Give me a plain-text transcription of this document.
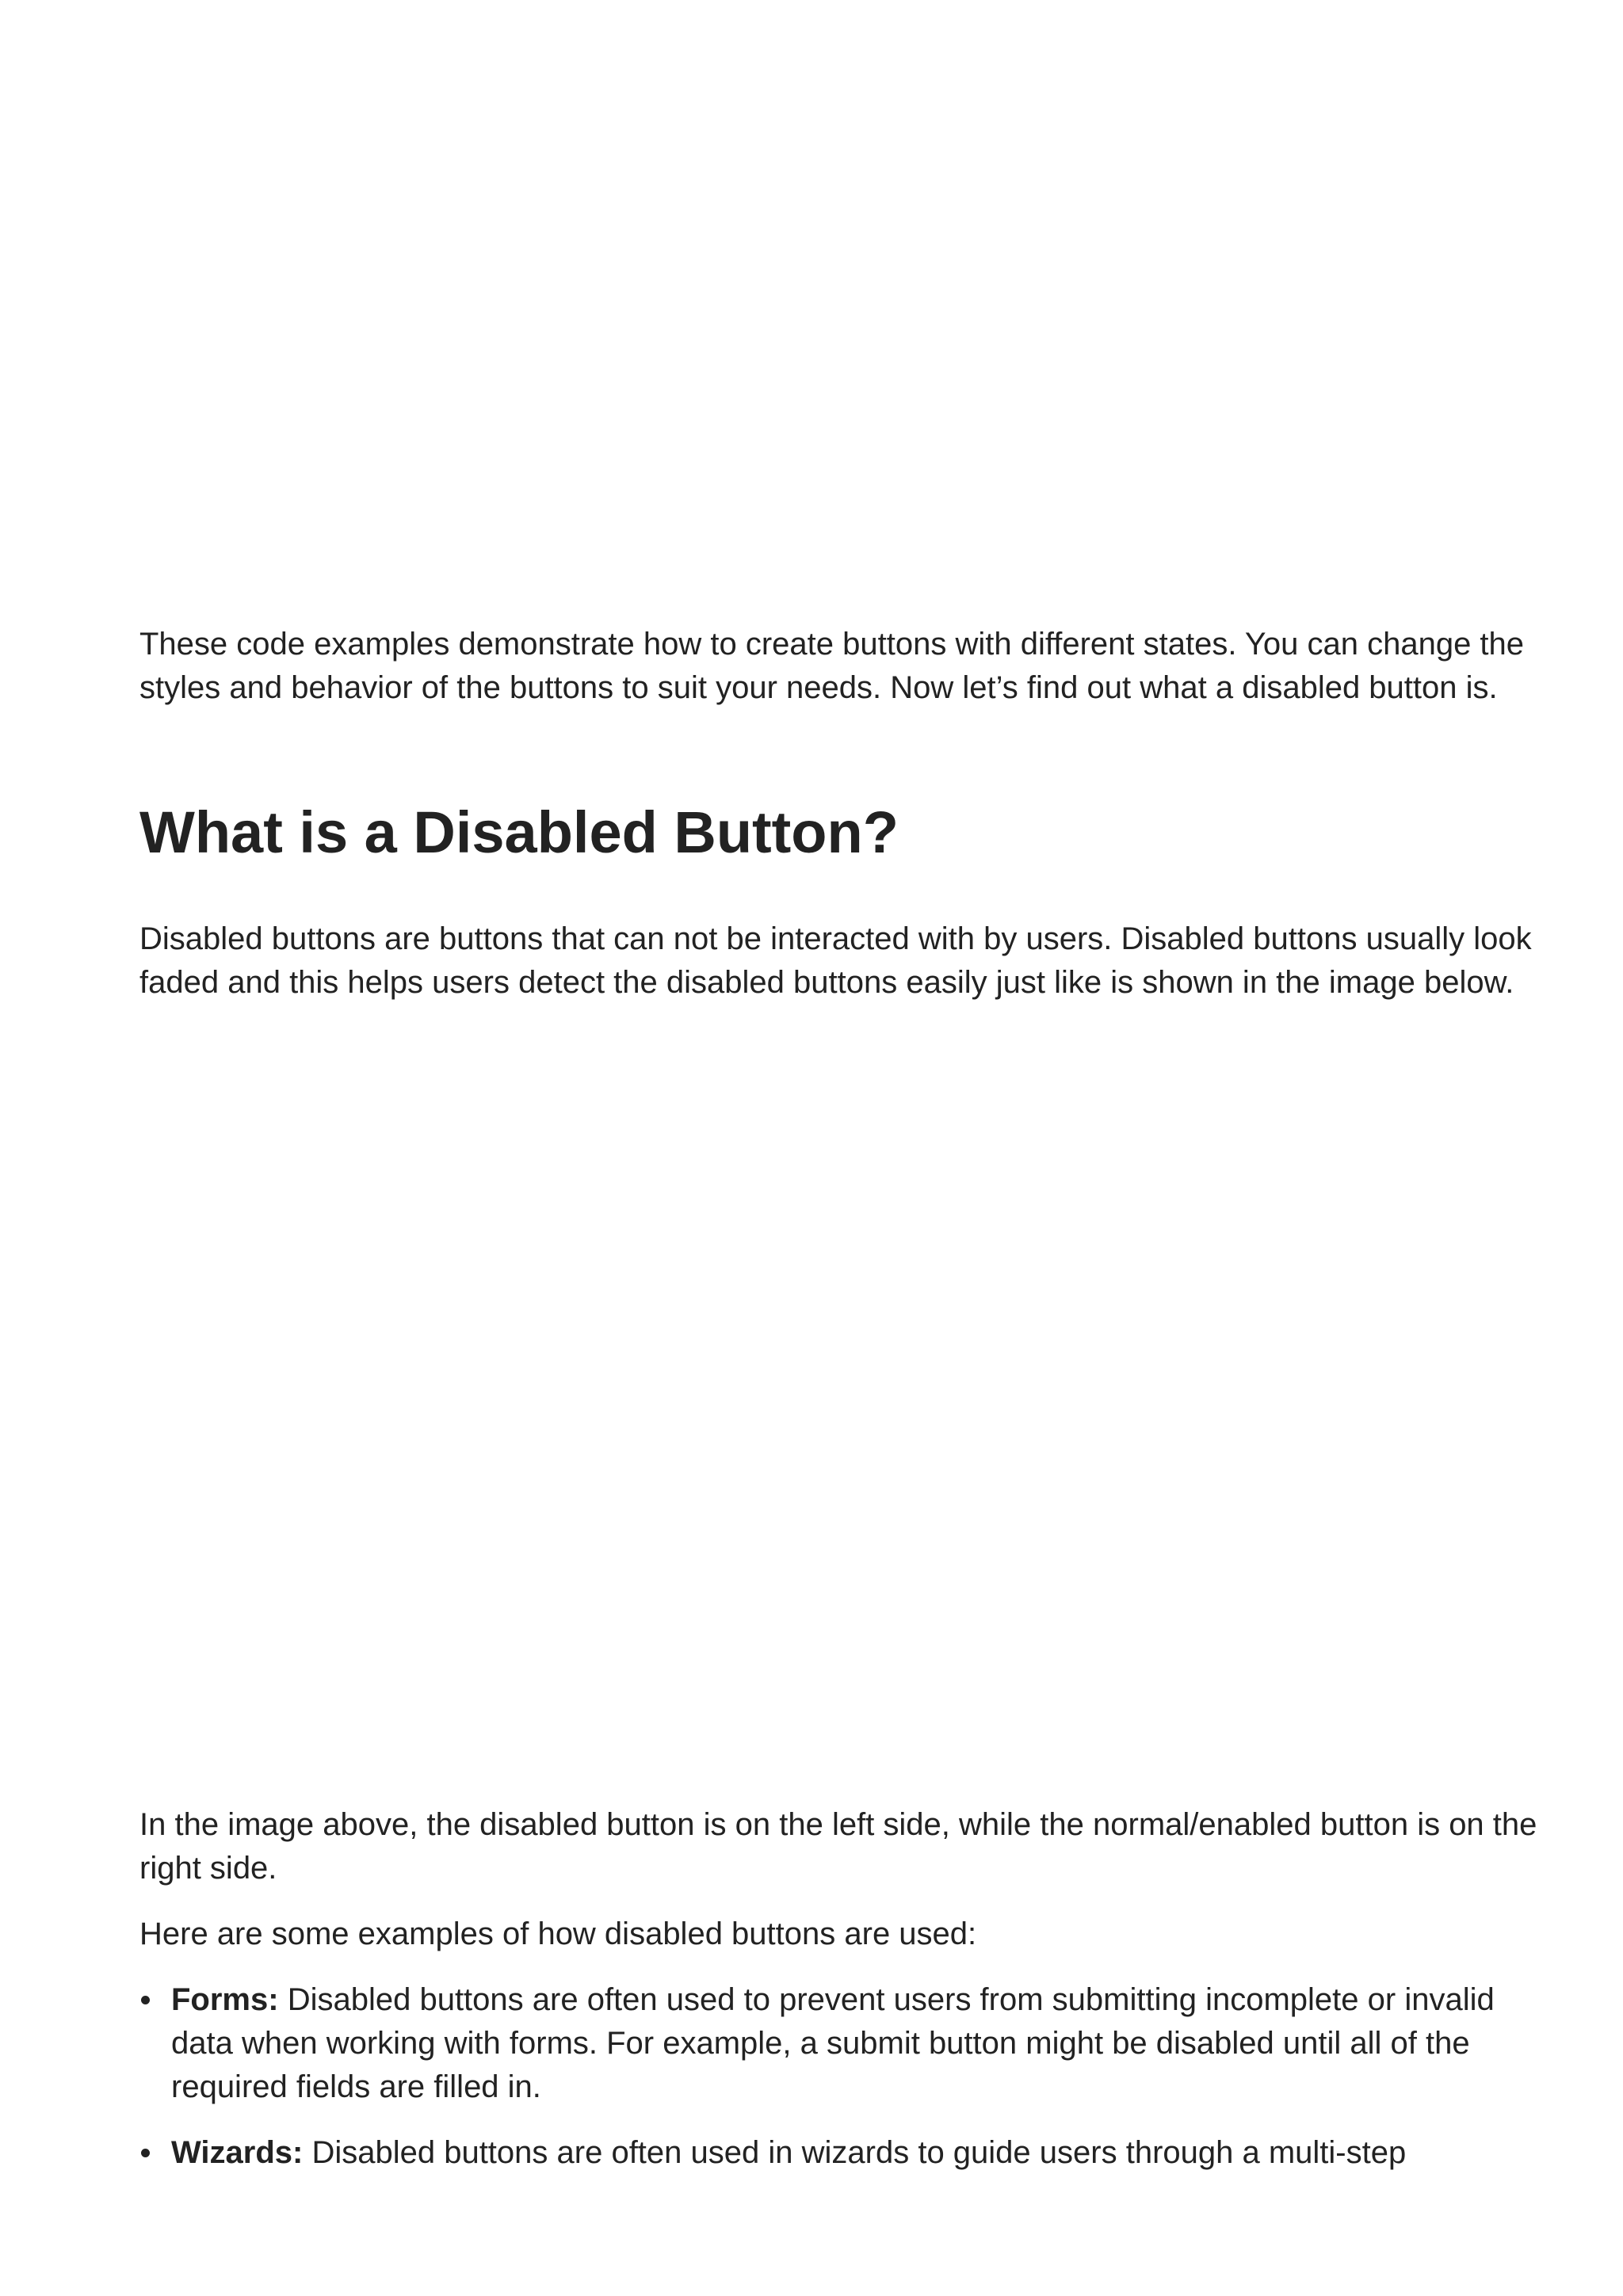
These code examples demonstrate how to create buttons with different states. You can change the styles and behavior of the buttons to suit your needs. Now let’s find out what a disabled button is.

What is a Disabled Button?

Disabled buttons are buttons that can not be interacted with by users. Disabled buttons usually look faded and this helps users detect the disabled buttons easily just like is shown in the image below.

In the image above, the disabled button is on the left side, while the normal/enabled button is on the right side.

Here are some examples of how disabled buttons are used:

Forms: Disabled buttons are often used to prevent users from submitting incomplete or invalid data when working with forms. For example, a submit button might be disabled until all of the required fields are filled in.
Wizards: Disabled buttons are often used in wizards to guide users through a multi-step
